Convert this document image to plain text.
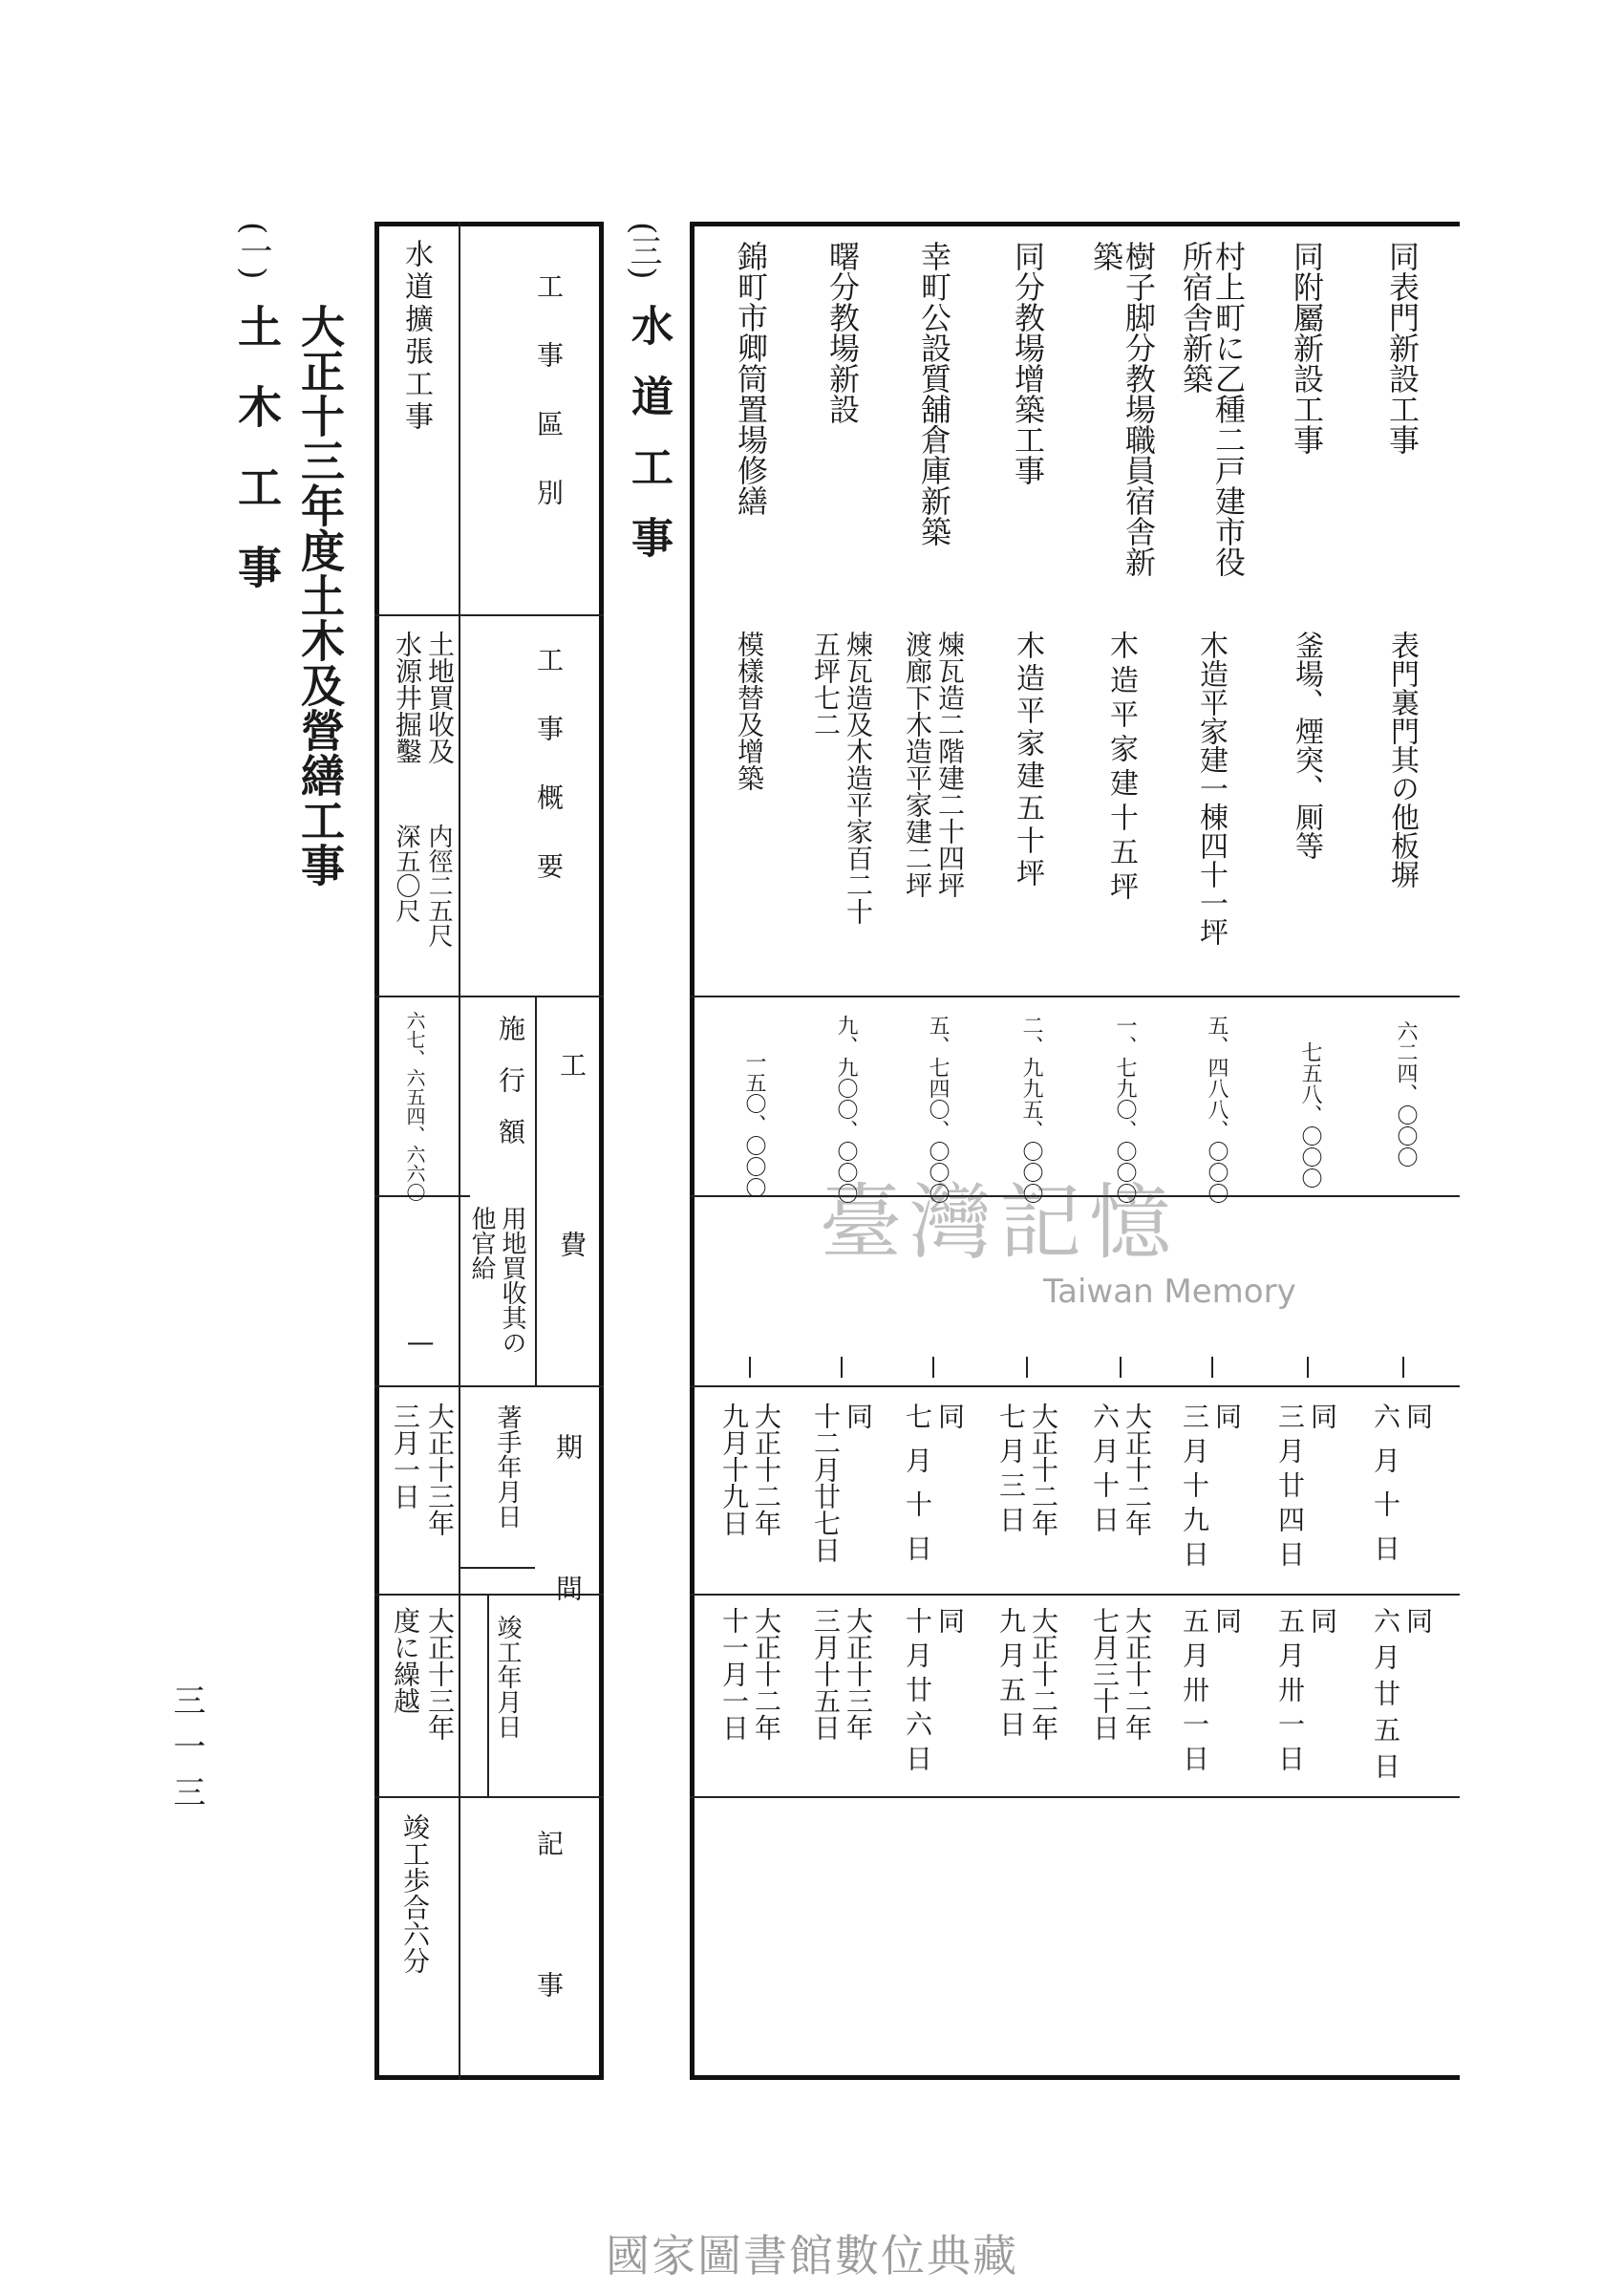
(一)
大正十三年度土木及營繕工事
土木工事	工事區別
工事概要
工費
施行額
用地買收其の他官給
期間
著手年月日
竣工年月日
記事
水道擴張工事
土地買收及
水源井掘鑿
内徑二五尺
深五〇尺
六七、六五四、六六〇
|
大正十三年
三月一日
大正十三年
度に繰越
竣工歩合六分
(三)
水道工事	同表門新設工事
表門裏門其の他板塀
六二四、〇〇〇
同
六月十日
同
六月廿五日
同附屬新設工事
釜場、煙突、厠等
七五八、〇〇〇
同
三月廿四日
同
五月卅一日
村上町に乙種二戸建市役
所宿舎新築
木造平家建一棟四十一坪
五、四八八、〇〇〇
同
三月十九日
同
五月卅一日
樹子脚分教場職員宿舎新
築
木造平家建十五坪
一、七九〇、〇〇〇
大正十二年
六月十日
大正十二年
七月三十日
同分教場增築工事
木造平家建五十坪
二、九九五、〇〇〇
大正十二年
七月三日
大正十二年
九月五日
幸町公設質舖倉庫新築
煉瓦造二階建二十四坪
渡廊下木造平家建二坪
五、七四〇、〇〇〇
同
七月十日
同
十月廿六日
曙分教場新設
煉瓦造及木造平家百二十
五坪七二
九、九〇〇、〇〇〇
同
十二月廿七日
大正十三年
三月十五日
錦町市卿筒置場修繕
模樣替及增築
一五〇、〇〇〇
大正十二年
九月十九日
大正十二年
十一月一日
三一三
臺灣記憶
Taiwan Memory
國家圖書館數位典藏
